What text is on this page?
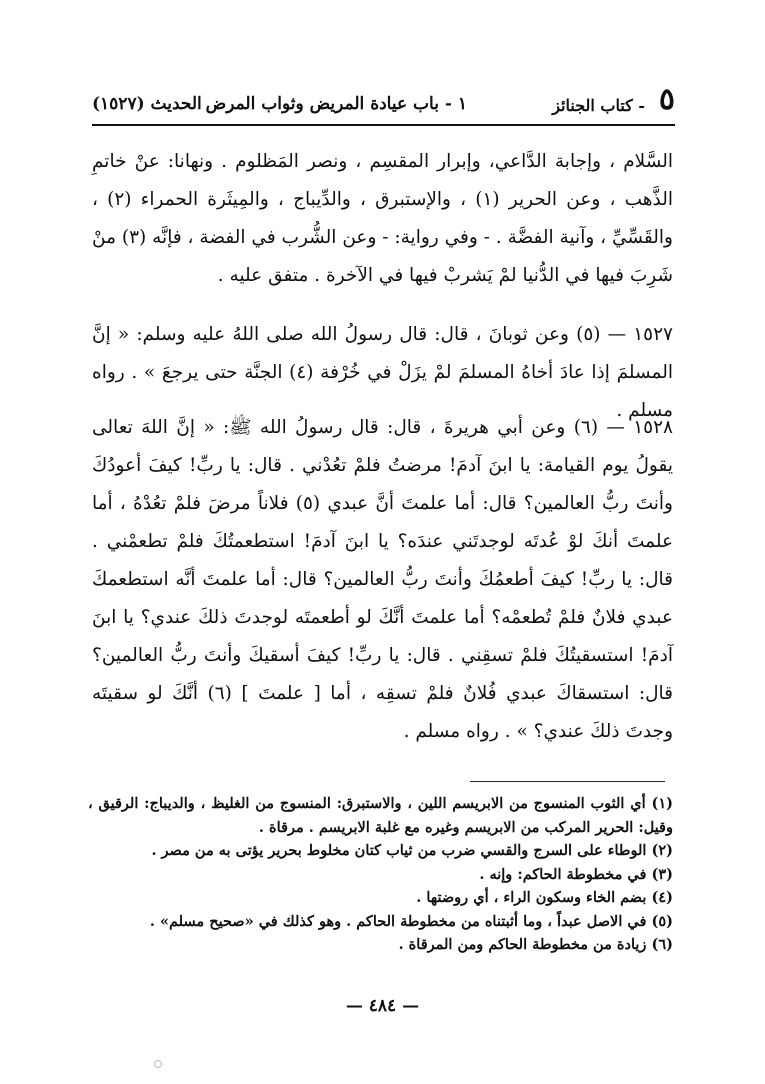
٥
- كتاب الجنائز
١ - باب عيادة المريض وثواب المرض
الحديث (١٥٢٧)
السَّلام ، وإجابة الدَّاعي، وإبرار المقسِم ، ونصر المَظلوم . ونهانا: عنْ خاتمِ الذَّهب ، وعن الحرير (١) ، والإستبرق ، والدِّيباج ، والمِيثَرة الحمراء (٢) ، والقَسِّيِّ ، وآنية الفضَّة . - وفي رواية: - وعن الشُّرب في الفضة ، فإنَّه (٣) منْ شَرِبَ فيها في الدُّنيا لمْ يَشربْ فيها في الآخرة . متفق عليه .
١٥٢٧ — (٥) وعن ثوبانَ ، قال: قال رسولُ الله صلى اللهُ عليه وسلم: « إنَّ المسلمَ إذا عادَ أخاهُ المسلمَ لمْ يزَلْ في خُرْفة (٤) الجنَّة حتى يرجعَ » . رواه مسلم .
١٥٢٨ — (٦) وعن أبي هريرةَ ، قال: قال رسولُ الله ﷺ: « إنَّ اللهَ تعالى يقولُ يوم القيامة: يا ابنَ آدمَ! مرضتُ فلمْ تعُدْني . قال: يا ربِّ! كيفَ أعودُكَ وأنتَ ربُّ العالمين؟ قال: أما علمتَ أنَّ عبدي (٥) فلاناً مرضَ فلمْ تعُدْهُ ، أما علمتَ أنكَ لوْ عُدتَه لوجدتَني عندَه؟ يا ابنَ آدمَ! استطعمتُكَ فلمْ تطعمْني . قال: يا ربِّ! كيفَ أطعمُكَ وأنتَ ربُّ العالمين؟ قال: أما علمتَ أنَّه استطعمكَ عبدي فلانٌ فلمْ تُطعمْه؟ أما علمتَ أنَّكَ لو أطعمتَه لوجدتَ ذلكَ عندي؟ يا ابنَ آدمَ! استسقيتُكَ فلمْ تسقِني . قال: يا ربِّ! كيفَ أسقيكَ وأنتَ ربُّ العالمين؟ قال: استسقاكَ عبدي فُلانٌ فلمْ تسقِه ، أما [ علمتَ ] (٦) أنَّكَ لو سقيتَه وجدتَ ذلكَ عندي؟ » . رواه مسلم .

(١) أي الثوب المنسوج من الابريسم اللين ، والاستبرق: المنسوج من الغليظ ، والديباج: الرقيق ، وقيل: الحرير المركب من الابريسم وغيره مع غلبة الابريسم . مرقاة .

(٢) الوطاء على السرج والقسي ضرب من ثياب كتان مخلوط بحرير يؤتى به من مصر .

(٣) في مخطوطة الحاكم: وإنه .

(٤) بضم الخاء وسكون الراء ، أي روضتها .

(٥) في الاصل عبداً ، وما أثبتناه من مخطوطة الحاكم . وهو كذلك في «صحيح مسلم» .

(٦) زيادة من مخطوطة الحاكم ومن المرقاة .

— ٤٨٤ —
